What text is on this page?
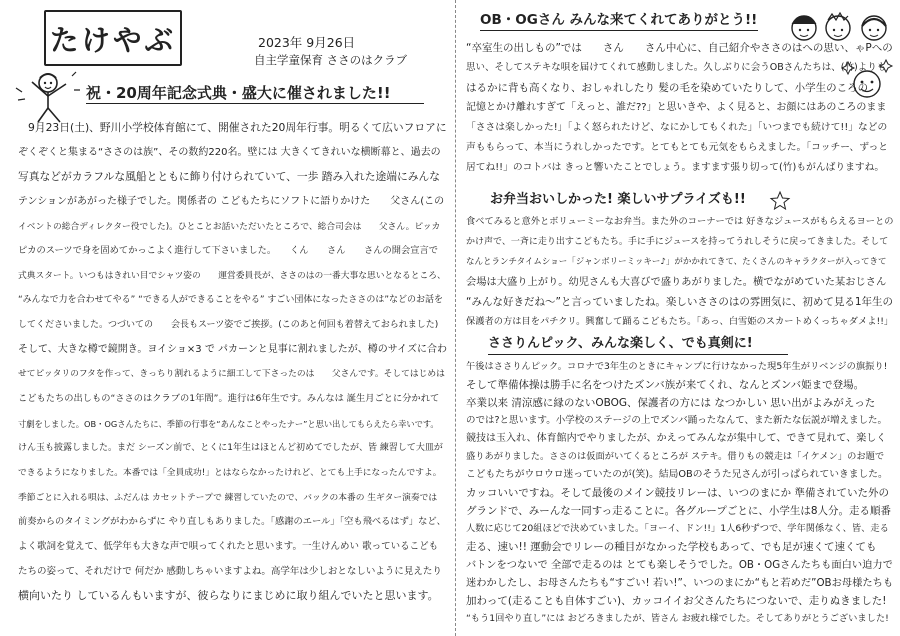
たけやぶ	2023年 9月26日
自主学童保育 ささのはクラブ
祝・20周年記念式典・盛大に催されました!!
9月23日(土)、野川小学校体育館にて、開催された20周年行事。明るくて広いフロアに
ぞくぞくと集まる“ささのは族”、その数約220名。壁には 大きくてきれいな横断幕と、過去の
写真などがカラフルな風船とともに飾り付けられていて、一歩 踏み入れた途端にみんな
テンションがあがった様子でした。関係者の こどもたちにソフトに語りかけた　　父さん(この
イベントの総合ディレクター役でした)。ひとことお話いただいたところで、総合司会は　　父さん。ピッカ
ピカのスーツで身を固めてかっこよく進行して下さいました。　　くん　　さん　　さんの開会宣言で
式典スタート。いつもはきれい目でシャツ姿の　　運営委員長が、ささのはの一番大事な思いとなるところ、
“みんなで力を合わせてやる” “できる人ができることをやる” すごい団体になったささのは”などのお話を
してくださいました。つづいての　　会長もスーツ姿でご挨拶。(このあと何回も着替えておられました)
そして、大きな樽で鏡開き。ヨイショ×3 で パカーンと見事に割れましたが、樽のサイズに合わ
せてピッタリのフタを作って、きっちり割れるように細工して下さったのは　　父さんです。そしてはじめは
こどもたちの出しもの“ささのはクラブの1年間”。進行は6年生です。みんなは 誕生月ごとに分かれて
寸劇をしました。OB・OGさんたちに、季節の行事を“あんなことやったナー”と思い出してもらえたら幸いです。
けん玉も披露しました。まだ シーズン前で、とくに1年生はほとんど初めてでしたが、皆 練習して大皿が
できるようになりました。本番では「全員成功!」とはならなかったけれど、とても上手になったんですよ。
季節ごとに入れる唄は、ふだんは カセットテープで 練習していたので、バックの本番の 生ギター演奏では
前奏からのタイミングがわからずに やり直しもありました。「感謝のエール」「空も飛べるはず」など、
よく歌詞を覚えて、低学年も大きな声で唄ってくれたと思います。一生けんめい 歌っているこども
たちの姿って、それだけで 何だか 感動しちゃいますよね。高学年は少しおとなしいように見えたり
横向いたり しているんもいますが、彼らなりにまじめに取り組んでいたと思います。
OB・OGさん みんな来てくれてありがとう!!
“卒室生の出しもの”では　　さん　　さん中心に、自己紹介やささのはへの思い、ゃPへの
思い、そしてステキな唄を届けてくれて感動しました。久しぶりに会うOBさんたちは、(竹)よりも
はるかに背も高くなり、おしゃれしたり 髪の毛を染めていたりして、小学生のころの
記憶とかけ離れすぎて「えっと、誰だ??」と思いきや、よく見ると、お顔にはあのころのまま
「ささは楽しかった!」「よく怒られたけど、なにかしてもくれた」「いつまでも続けて!!」などの
声ももらって、本当にうれしかったです。とてもとても元気をもらえました。「コッチー、ずっと
居てね!!」のコトバは きっと響いたことでしょう。ますます張り切って(竹)もがんばりますね。
お弁当おいしかった! 楽しいサプライズも!!
食べてみると意外とボリューミーなお弁当。また外のコーナーでは 好きなジュースがもらえるヨーとの
かけ声で、一斉に走り出すこどもたち。手に手にジュースを持ってうれしそうに戻ってきました。そして
なんとランチタイムショー「ジャンボリーミッキー♪」がかかれてきて、たくさんのキャラクターが入ってきて
会場は大盛り上がり。幼児さんも大喜びで盛りあがりました。横でながめていた某おじさん
“みんな好きだね〜”と言っていましたね。楽しいささのはの雰囲気に、初めて見る1年生の
保護者の方は目をパチクリ。興奮して踊るこどもたち。「あっ、白雪姫のスカートめくっちゃダメよ!!」
ささりんピック、みんな楽しく、でも真剣に!
午後はささりんピック。コロナで3年生のときにキャンプに行けなかった現5年生がリベンジの旗振り!
そして準備体操は勝手に名をつけたズンバ族が来てくれ、なんとズンバ姫まで登場。
卒業以来 清涼感に縁のないOBOG、保護者の方には なつかしい 思い出がよみがえった
のでは?と思います。小学校のステージの上でズンバ踊ったなんて、また新たな伝説が増えました。
競技は玉入れ、体育館内でやりましたが、かえってみんなが集中して、できて見れて、楽しく
盛りあがりました。ささのは仮面がいてくるところが ステキ。借りもの競走は「イケメン」のお題で
こどもたちがウロウロ迷っていたのが(笑)。結局OBのそうた兄さんが引っぱられていきました。
カッコいいですね。そして最後のメイン競技リレーは、いつのまにか 準備されていた外の
グランドで、みーんな一同すっ走ることに。各グループごとに、小学生は8人分。走る順番
人数に応じて20組ほどで決めていました。「ヨーイ、ドン!!」1人6秒ずつで、学年関係なく、皆、走る
走る、速い!! 運動会でリレーの種目がなかった学校もあって、でも足が速くて速くても
バトンをつないで 全部で走るのは とても楽しそうでした。OB・OGさんたちも面白い迫力で
迷わかしたし、お母さんたちも“すごい! 若い!”、いつのまにか“もと若めだ”OBお母様たちも
加わって(走ることも自体すごい)、カッコイイお父さんたちにつないで、走りぬきました!
“もう1回やり直し”には おどろきましたが、皆さん お疲れ様でした。そしてありがとうございました!
